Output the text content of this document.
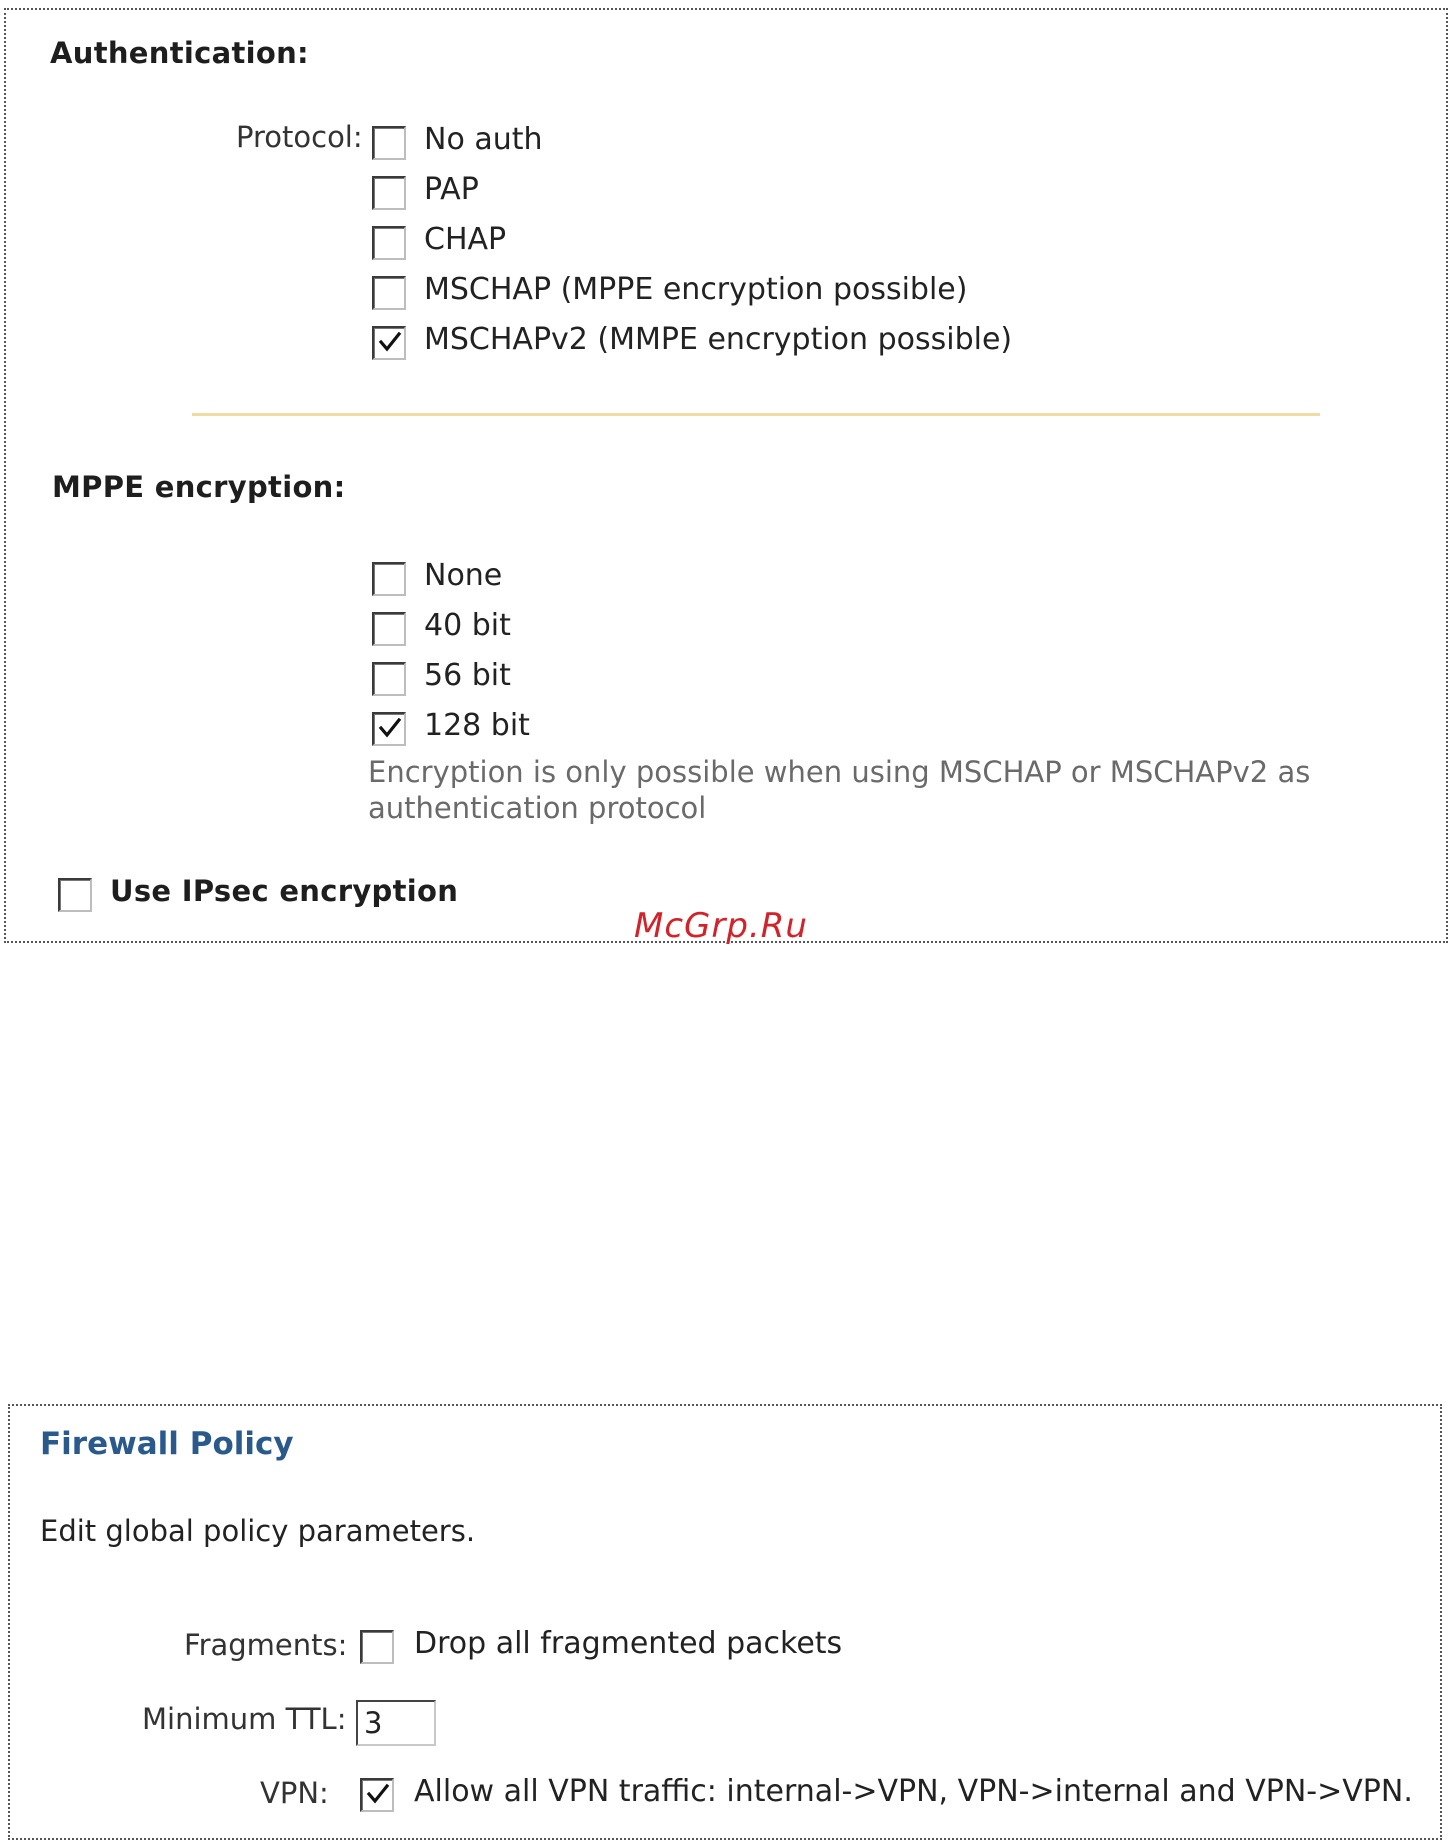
Authentication:
Protocol: No auth
PAP
CHAP
MSCHAP (MPPE encryption possible)
MSCHAPv2 (MMPE encryption possible)
MPPE encryption:
None
40 bit
56 bit
128 bit
Encryption is only possible when using MSCHAP or MSCHAPv2 as authentication protocol
Use IPsec encryption
McGrp.Ru
Firewall Policy
Edit global policy parameters.
Fragments: Drop all fragmented packets
Minimum TTL:
3
VPN:	Allow all VPN traffic: internal->VPN, VPN->internal and VPN->VPN.
